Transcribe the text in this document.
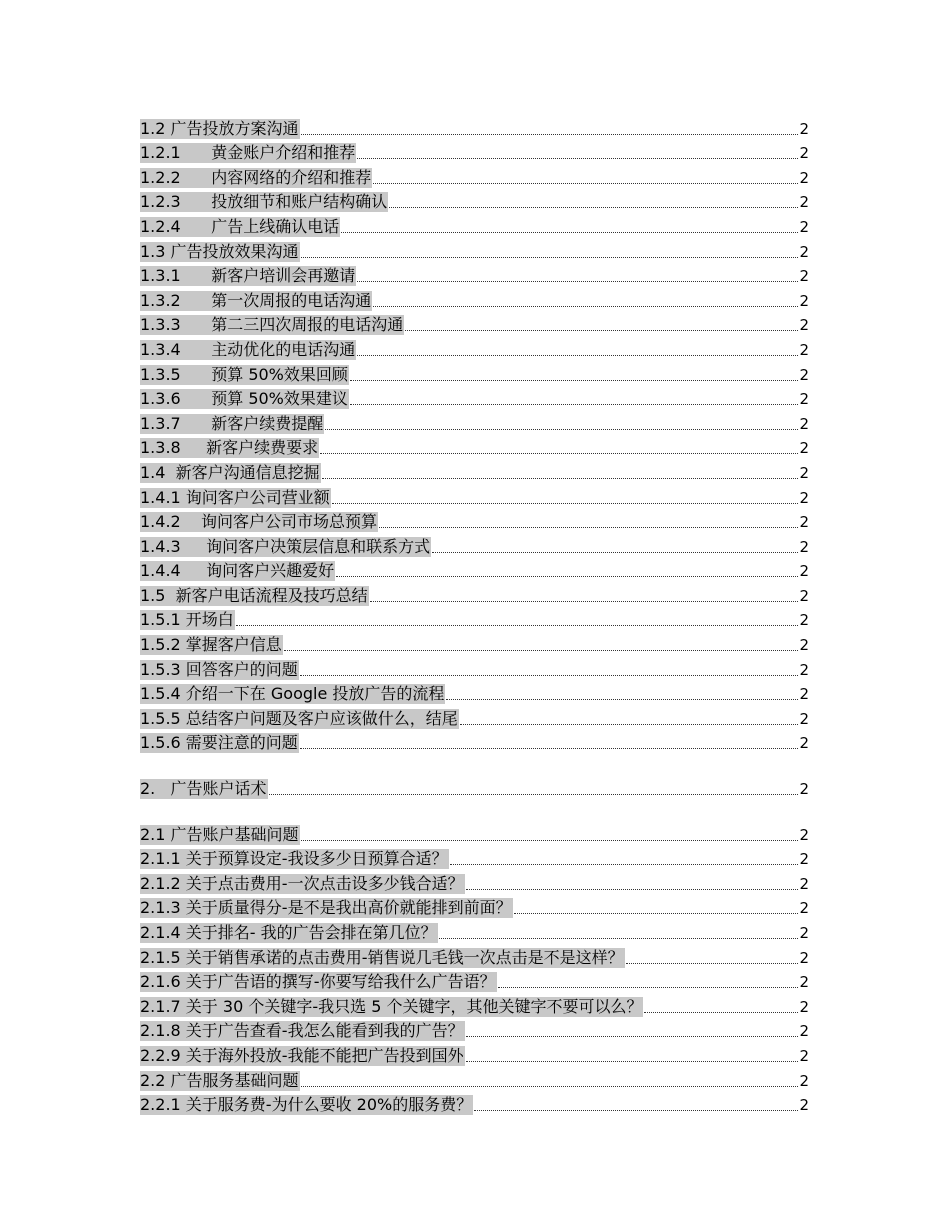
1.2 广告投放方案沟通	2
1.2.1      黄金账户介绍和推荐	2
1.2.2      内容网络的介绍和推荐	2
1.2.3      投放细节和账户结构确认	2
1.2.4      广告上线确认电话	2
1.3 广告投放效果沟通	2
1.3.1      新客户培训会再邀请	2
1.3.2      第一次周报的电话沟通	2
1.3.3      第二三四次周报的电话沟通	2
1.3.4      主动优化的电话沟通	2
1.3.5      预算 50%效果回顾	2
1.3.6      预算 50%效果建议	2
1.3.7      新客户续费提醒	2
1.3.8     新客户续费要求	2
1.4  新客户沟通信息挖掘	2
1.4.1 询问客户公司营业额	2
1.4.2    询问客户公司市场总预算	2
1.4.3     询问客户决策层信息和联系方式	2
1.4.4     询问客户兴趣爱好	2
1.5  新客户电话流程及技巧总结	2
1.5.1 开场白	2
1.5.2 掌握客户信息	2
1.5.3 回答客户的问题	2
1.5.4 介绍一下在 Google 投放广告的流程	2
1.5.5 总结客户问题及客户应该做什么，结尾	2
1.5.6 需要注意的问题	2
2.   广告账户话术	2
2.1 广告账户基础问题	2
2.1.1 关于预算设定-我设多少日预算合适？	2
2.1.2 关于点击费用-一次点击设多少钱合适？	2
2.1.3 关于质量得分-是不是我出高价就能排到前面？	2
2.1.4 关于排名- 我的广告会排在第几位？	2
2.1.5 关于销售承诺的点击费用-销售说几毛钱一次点击是不是这样？	2
2.1.6 关于广告语的撰写-你要写给我什么广告语？	2
2.1.7 关于 30 个关键字-我只选 5 个关键字，其他关键字不要可以么？	2
2.1.8 关于广告查看-我怎么能看到我的广告？	2
2.2.9 关于海外投放-我能不能把广告投到国外	2
2.2 广告服务基础问题	2
2.2.1 关于服务费-为什么要收 20%的服务费？	2
